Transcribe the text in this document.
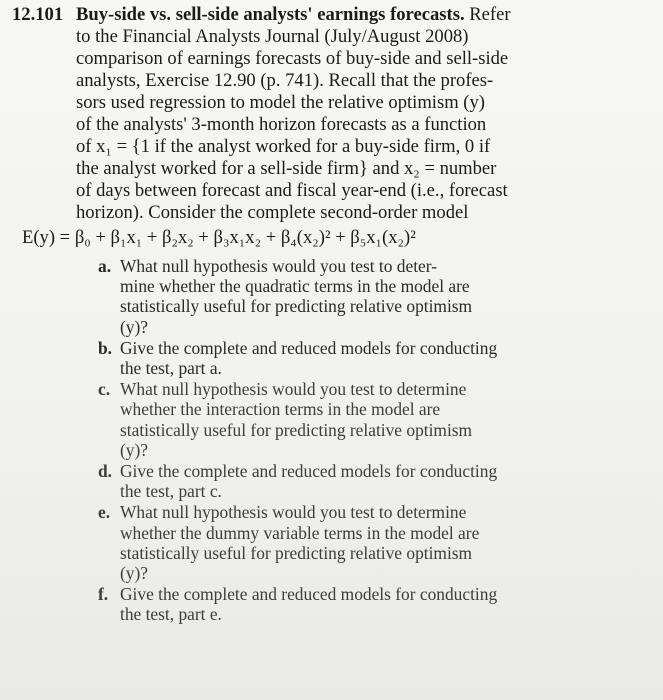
12.101 Buy-side vs. sell-side analysts' earnings forecasts. Refer
to the Financial Analysts Journal (July/August 2008)
comparison of earnings forecasts of buy-side and sell-side
analysts, Exercise 12.90 (p. 741). Recall that the profes-
sors used regression to model the relative optimism (y)
of the analysts' 3-month horizon forecasts as a function
of x₁ = {1 if the analyst worked for a buy-side firm, 0 if
the analyst worked for a sell-side firm} and x₂ = number
of days between forecast and fiscal year-end (i.e., forecast
horizon). Consider the complete second-order model
E(y) = β₀ + β₁x₁ + β₂x₂ + β₃x₁x₂ + β₄(x₂)² + β₅x₁(x₂)²
a. What null hypothesis would you test to deter-
mine whether the quadratic terms in the model are
statistically useful for predicting relative optimism
(y)?
b. Give the complete and reduced models for conducting
the test, part a.
c. What null hypothesis would you test to determine
whether the interaction terms in the model are
statistically useful for predicting relative optimism
(y)?
d. Give the complete and reduced models for conducting
the test, part c.
e. What null hypothesis would you test to determine
whether the dummy variable terms in the model are
statistically useful for predicting relative optimism
(y)?
f. Give the complete and reduced models for conducting
the test, part e.
